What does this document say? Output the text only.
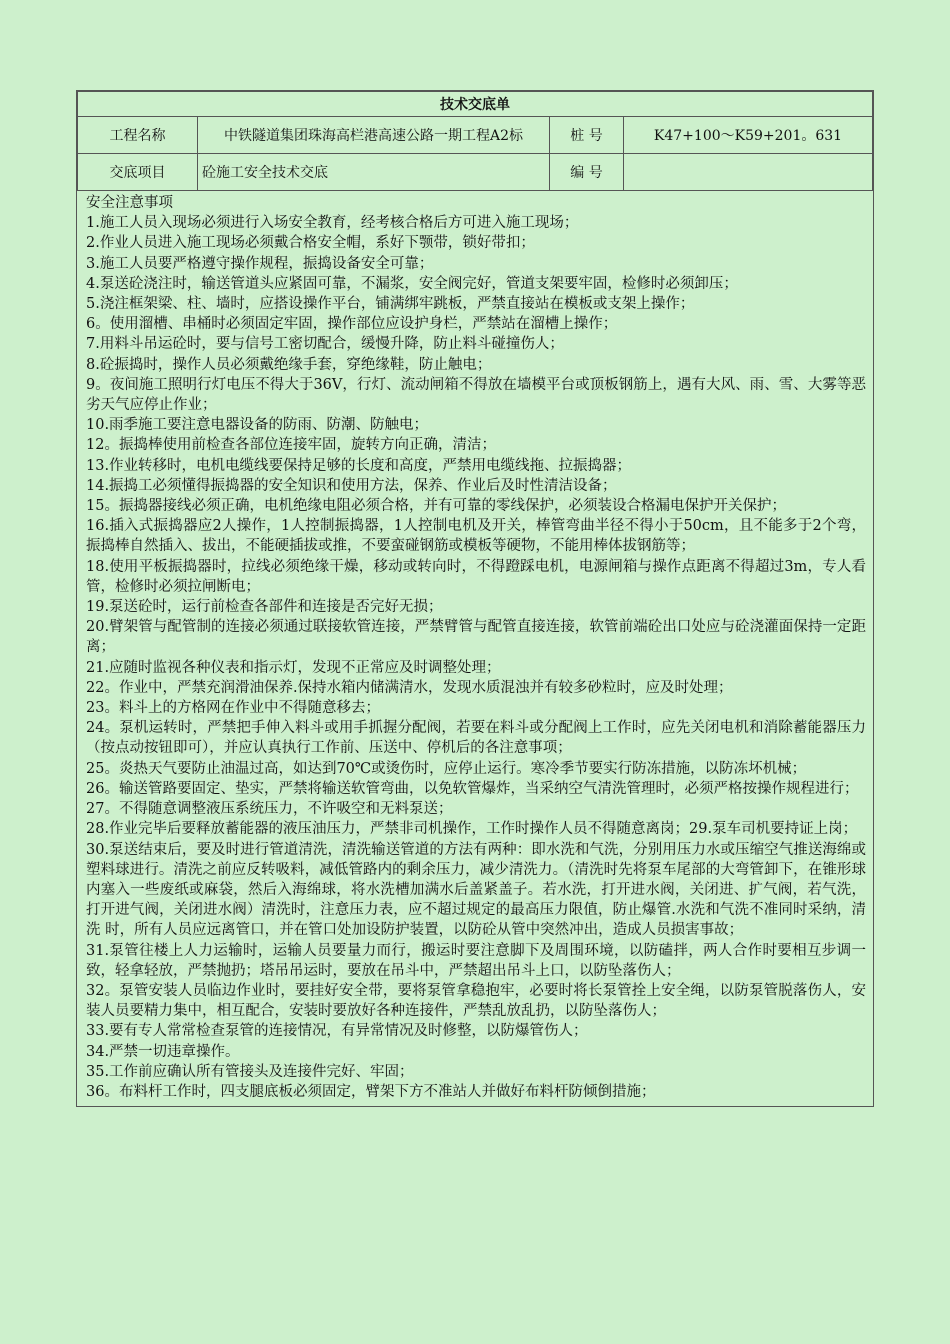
技术交底单			
工程名称	中铁隧道集团珠海高栏港高速公路一期工程A2标	桩 号	K47+100～K59+201。631
交底项目	砼施工安全技术交底	编 号	
安全注意事项
1.施工人员入现场必须进行入场安全教育，经考核合格后方可进入施工现场；
2.作业人员进入施工现场必须戴合格安全帽，系好下颚带，锁好带扣；
3.施工人员要严格遵守操作规程，振捣设备安全可靠；
4.泵送砼浇注时，输送管道头应紧固可靠，不漏浆，安全阀完好，管道支架要牢固，检修时必须卸压；
5.浇注框架梁、柱、墙时，应搭设操作平台，铺满绑牢跳板，严禁直接站在模板或支架上操作；
6。使用溜槽、串桶时必须固定牢固，操作部位应设护身栏，严禁站在溜槽上操作；
7.用料斗吊运砼时，要与信号工密切配合，缓慢升降，防止料斗碰撞伤人；
8.砼振捣时，操作人员必须戴绝缘手套，穿绝缘鞋，防止触电；
9。夜间施工照明行灯电压不得大于36V，行灯、流动闸箱不得放在墙模平台或顶板钢筋上，遇有大风、雨、雪、大雾等恶劣天气应停止作业；
10.雨季施工要注意电器设备的防雨、防潮、防触电；
12。振捣棒使用前检查各部位连接牢固，旋转方向正确，清洁；
13.作业转移时，电机电缆线要保持足够的长度和高度，严禁用电缆线拖、拉振捣器；
14.振捣工必须懂得振捣器的安全知识和使用方法，保养、作业后及时性清洁设备；
15。振捣器接线必须正确，电机绝缘电阻必须合格，并有可靠的零线保护，必须装设合格漏电保护开关保护；
16.插入式振捣器应2人操作，1人控制振捣器，1人控制电机及开关，棒管弯曲半径不得小于50cm，且不能多于2个弯，振捣棒自然插入、拔出，不能硬插拔或推，不要蛮碰钢筋或模板等硬物，不能用棒体拔钢筋等；
18.使用平板振捣器时，拉线必须绝缘干燥，移动或转向时，不得蹬踩电机，电源闸箱与操作点距离不得超过3m，专人看管，检修时必须拉闸断电；
19.泵送砼时，运行前检查各部件和连接是否完好无损；
20.臂架管与配管制的连接必须通过联接软管连接，严禁臂管与配管直接连接，软管前端砼出口处应与砼浇灌面保持一定距离；
21.应随时监视各种仪表和指示灯，发现不正常应及时调整处理；
22。作业中，严禁充润滑油保养.保持水箱内储满清水，发现水质混浊并有较多砂粒时，应及时处理；
23。料斗上的方格网在作业中不得随意移去；
24。泵机运转时，严禁把手伸入料斗或用手抓握分配阀，若要在料斗或分配阀上工作时，应先关闭电机和消除蓄能器压力（按点动按钮即可），并应认真执行工作前、压送中、停机后的各注意事项；
25。炎热天气要防止油温过高，如达到70℃或烫伤时，应停止运行。寒冷季节要实行防冻措施，以防冻坏机械；
26。输送管路要固定、垫实，严禁将输送软管弯曲，以免软管爆炸，当采纳空气清洗管理时，必须严格按操作规程进行；
27。不得随意调整液压系统压力，不许吸空和无料泵送；
28.作业完毕后要释放蓄能器的液压油压力，严禁非司机操作，工作时操作人员不得随意离岗；29.泵车司机要持证上岗；
30.泵送结束后，要及时进行管道清洗，清洗输送管道的方法有两种：即水洗和气洗，分别用压力水或压缩空气推送海绵或塑料球进行。清洗之前应反转吸料，减低管路内的剩余压力，减少清洗力。（清洗时先将泵车尾部的大弯管卸下，在锥形球内塞入一些废纸或麻袋，然后入海绵球，将水洗槽加满水后盖紧盖子。若水洗，打开进水阀，关闭进、扩气阀，若气洗，打开进气阀，关闭进水阀）清洗时，注意压力表，应不超过规定的最高压力限值，防止爆管.水洗和气洗不准同时采纳，清洗 时，所有人员应远离管口，并在管口处加设防护装置，以防砼从管中突然冲出，造成人员损害事故；
31.泵管往楼上人力运输时，运输人员要量力而行，搬运时要注意脚下及周围环境，以防磕拌，两人合作时要相互步调一致，轻拿轻放，严禁抛扔；塔吊吊运时，要放在吊斗中，严禁超出吊斗上口，以防坠落伤人；
32。泵管安装人员临边作业时，要挂好安全带，要将泵管拿稳抱牢，必要时将长泵管拴上安全绳，以防泵管脱落伤人，安装人员要精力集中，相互配合，安装时要放好各种连接件，严禁乱放乱扔，以防坠落伤人；
33.要有专人常常检查泵管的连接情况，有异常情况及时修整，以防爆管伤人；
34.严禁一切违章操作。
35.工作前应确认所有管接头及连接件完好、牢固；
36。布料杆工作时，四支腿底板必须固定，臂架下方不准站人并做好布料杆防倾倒措施；
